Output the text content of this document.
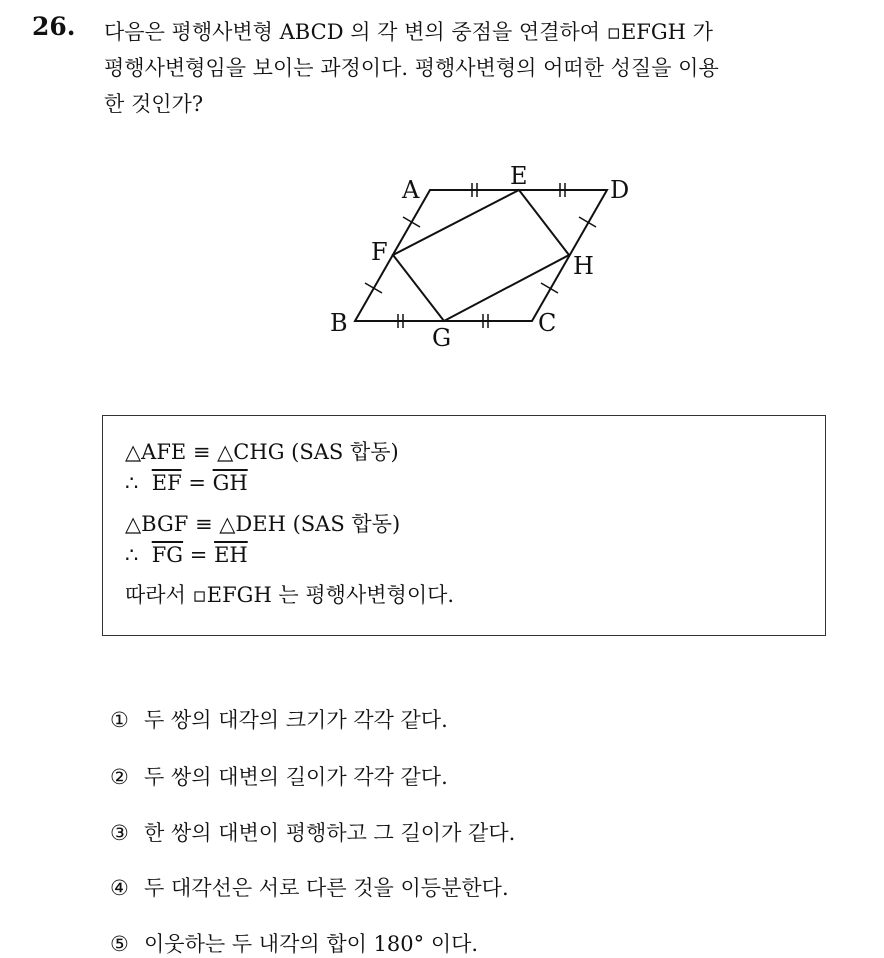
26. 다음은 평행사변형 ABCD 의 각 변의 중점을 연결하여 ▫EFGH 가
평행사변형임을 보이는 과정이다. 평행사변형의 어떠한 성질을 이용
한 것인가?
A	E	D
F	H
B
G
C
△AFE ≡ △CHG (SAS 합동)
∴ $\overline{EF} = \overline{GH}$
△BGF ≡ △DEH (SAS 합동)
∴ $\overline{FG} = \overline{EH}$
따라서 ▫EFGH 는 평행사변형이다.
① 두 쌍의 대각의 크기가 각각 같다.
② 두 쌍의 대변의 길이가 각각 같다.
③ 한 쌍의 대변이 평행하고 그 길이가 같다.
④ 두 대각선은 서로 다른 것을 이등분한다.
⑤ 이웃하는 두 내각의 합이 180° 이다.
